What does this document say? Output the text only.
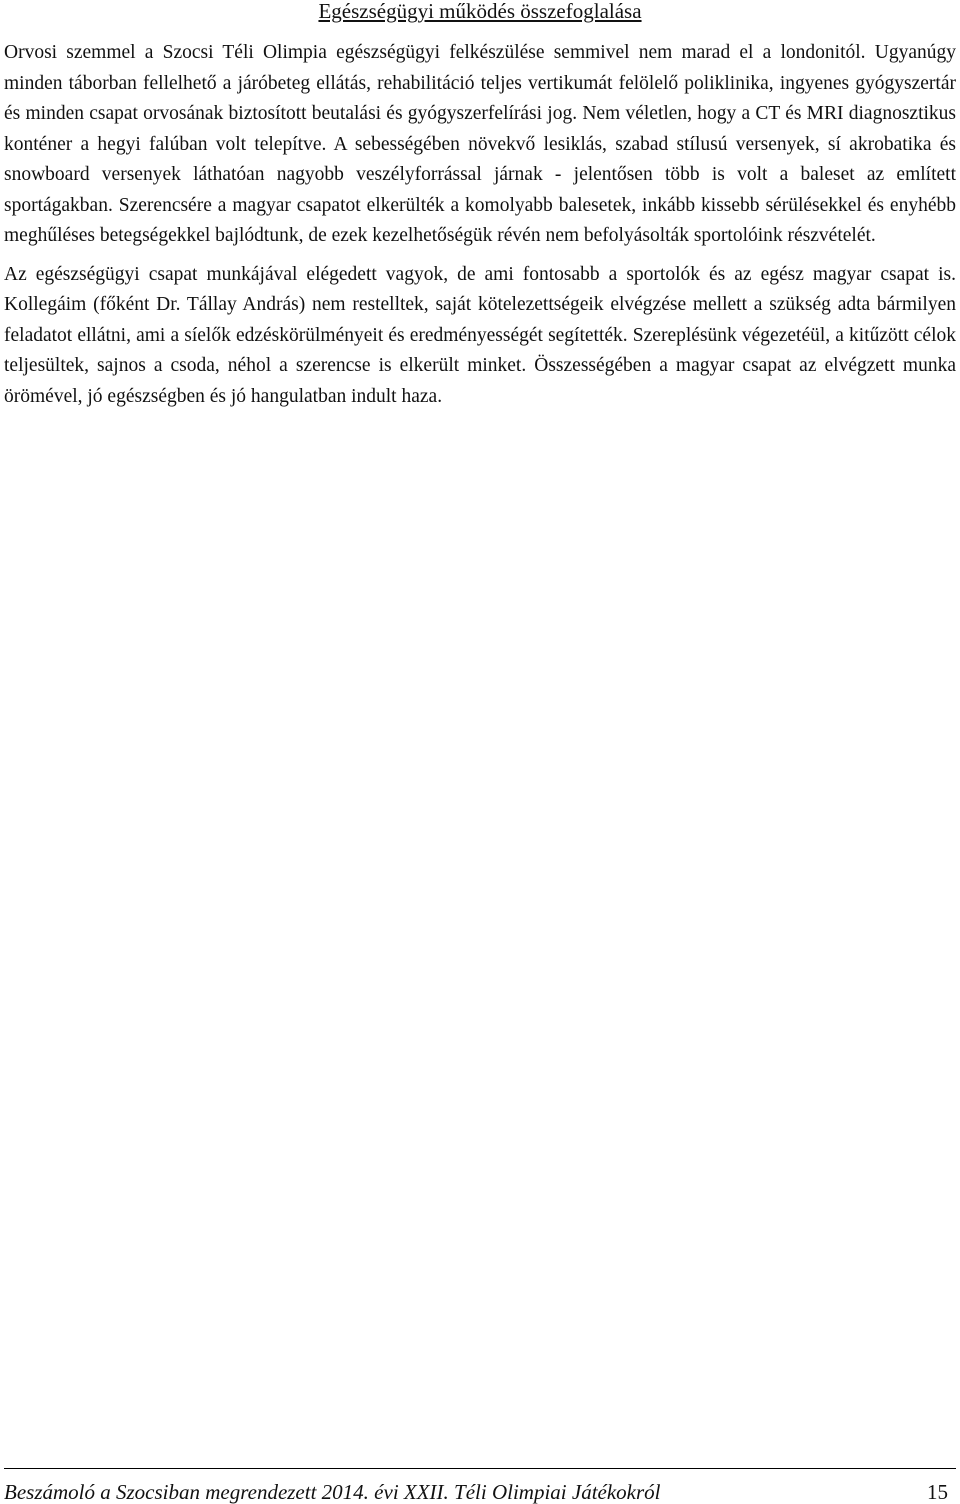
Egészségügyi működés összefoglalása

Orvosi szemmel a Szocsi Téli Olimpia egészségügyi felkészülése semmivel nem marad el a londonitól. Ugyanúgy minden táborban fellelhető a járóbeteg ellátás, rehabilitáció teljes vertikumát felölelő poliklinika, ingyenes gyógyszertár és minden csapat orvosának biztosított beutalási és gyógyszerfelírási jog. Nem véletlen, hogy a CT és MRI diagnosztikus konténer a hegyi falúban volt telepítve. A sebességében növekvő lesiklás, szabad stílusú versenyek, sí akrobatika és snowboard versenyek láthatóan nagyobb veszélyforrással járnak - jelentősen több is volt a baleset az említett sportágakban. Szerencsére a magyar csapatot elkerülték a komolyabb balesetek, inkább kissebb sérülésekkel és enyhébb meghűléses betegségekkel bajlódtunk, de ezek kezelhetőségük révén nem befolyásolták sportolóink részvételét.

Az egészségügyi csapat munkájával elégedett vagyok, de ami fontosabb a sportolók és az egész magyar csapat is. Kollegáim (főként Dr. Tállay András) nem restelltek, saját kötelezettségeik elvégzése mellett a szükség adta bármilyen feladatot ellátni, ami a síelők edzéskörülményeit és eredményességét segítették. Szereplésünk végezetéül, a kitűzött célok teljesültek, sajnos a csoda, néhol a szerencse is elkerült minket. Összességében a magyar csapat az elvégzett munka örömével, jó egészségben és jó hangulatban indult haza.

Beszámoló a Szocsiban megrendezett 2014. évi XXII. Téli Olimpiai Játékokról	15
